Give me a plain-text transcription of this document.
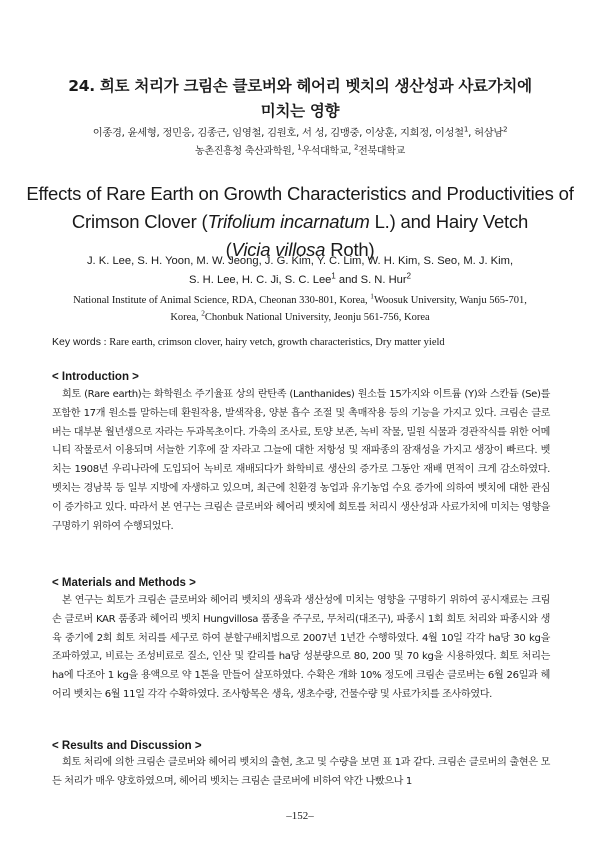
24. 희토 처리가 크림손 클로버와 헤어리 벳치의 생산성과 사료가치에
미치는 영향
이종경, 윤세형, 정민응, 김종근, 임영철, 김원호, 서 성, 김맹중, 이상훈, 지희정, 이성철$^1$, 허삼남$^2$
농촌진흥청 축산과학원, $^1$우석대학교, $^2$전북대학교
Effects of Rare Earth on Growth Characteristics and Productivities of
Crimson Clover (Trifolium incarnatum L.) and Hairy Vetch
(Vicia villosa Roth)
J. K. Lee, S. H. Yoon, M. W. Jeong, J. G. Kim, Y. C. Lim, W. H. Kim, S. Seo, M. J. Kim,
S. H. Lee, H. C. Ji, S. C. Lee$^1$ and S. N. Hur$^2$
National Institute of Animal Science, RDA, Cheonan 330-801, Korea, $^1$Woosuk University, Wanju 565-701,
Korea, $^2$Chonbuk National University, Jeonju 561-756, Korea
Key words : Rare earth, crimson clover, hairy vetch, growth characteristics, Dry matter yield
< Introduction >
희토 (Rare earth)는 화학원소 주기율표 상의 란탄족 (Lanthanides) 원소들 15가지와 이트륨 (Y)와 스칸듐 (Se)를 포함한 17개 원소를 말하는데 환원작용, 발색작용, 양분 흡수 조절 및 촉매작용 등의 기능을 가지고 있다. 크림손 클로버는 대부분 월년생으로 자라는 두과목초이다. 가축의 조사료, 토양 보존, 녹비 작물, 밀원 식물과 경관작식를 위한 어메니티 작물로서 이용되며 서늘한 기후에 잘 자라고 그늘에 대한 저항성 및 재파종의 잠재성을 가지고 생장이 빠르다. 벳치는 1908년 우리나라에 도입되어 녹비로 재배되다가 화학비료 생산의 증가로 그동안 재배 면적이 크게 감소하였다. 벳치는 경남북 등 일부 지방에 자생하고 있으며, 최근에 친환경 농업과 유기농업 수요 증가에 의하여 벳치에 대한 관심이 증가하고 있다. 따라서 본 연구는 크림손 클로버와 헤어리 벳치에 희토를 처리시 생산성과 사료가치에 미치는 영향을 구명하기 위하여 수행되었다.
< Materials and Methods >
본 연구는 희토가 크림손 클로버와 헤어리 벳치의 생육과 생산성에 미치는 영향을 구명하기 위하여 공시재료는 크림손 클로버 KAR 품종과 헤어리 벳치 Hungvillosa 품종을 주구로, 무처리(대조구), 파종시 1회 희토 처리와 파종시와 생육 중기에 2회 희토 처리를 세구로 하여 분할구배치법으로 2007년 1년간 수행하였다. 4월 10일 각각 ha당 30 kg을 조파하였고, 비료는 조성비료로 질소, 인산 및 칼리를 ha당 성분량으로 80, 200 및 70 kg을 시용하였다. 희토 처리는 ha에 다조아 1 kg을 용액으로 약 1톤을 만들어 살포하였다. 수확은 개화 10% 정도에 크림손 클로버는 6월 26일과 헤어리 벳치는 6월 11일 각각 수확하였다. 조사항목은 생육, 생초수량, 건물수량 및 사료가치를 조사하였다.
< Results and Discussion >
희토 처리에 의한 크림손 클로버와 헤어리 벳치의 출현, 초고 및 수량을 보면 표 1과 같다. 크림손 클로버의 출현은 모든 처리가 매우 양호하였으며, 헤어리 벳치는 크림손 클로버에 비하여 약간 나빴으나 1
–152–
